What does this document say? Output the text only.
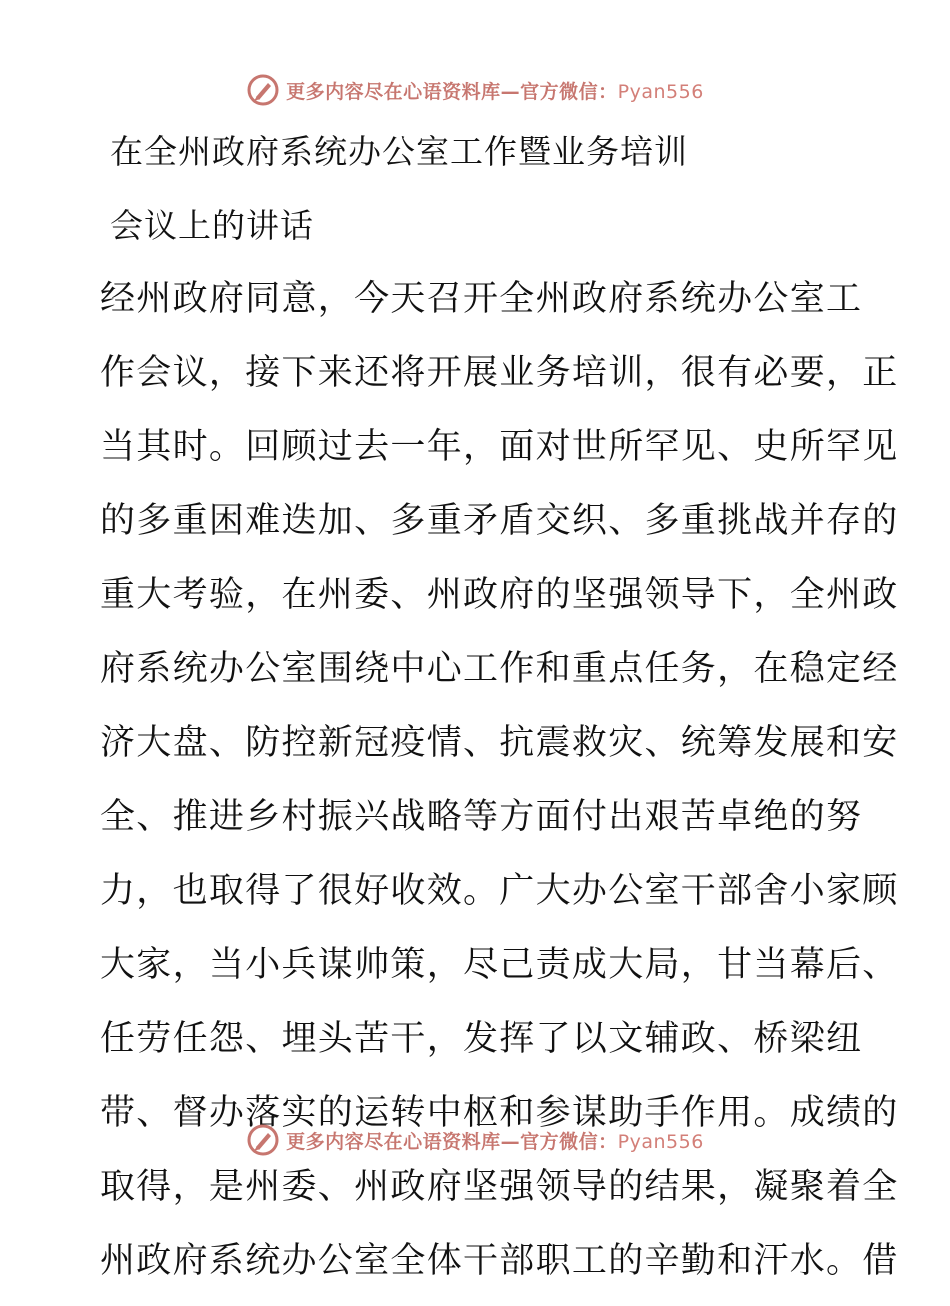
更多内容尽在心语资料库—官方微信：Pyan556
在全州政府系统办公室工作暨业务培训
会议上的讲话
经州政府同意，今天召开全州政府系统办公室工
作会议，接下来还将开展业务培训，很有必要，正
当其时。回顾过去一年，面对世所罕见、史所罕见
的多重困难迭加、多重矛盾交织、多重挑战并存的
重大考验，在州委、州政府的坚强领导下，全州政
府系统办公室围绕中心工作和重点任务，在稳定经
济大盘、防控新冠疫情、抗震救灾、统筹发展和安
全、推进乡村振兴战略等方面付出艰苦卓绝的努
力，也取得了很好收效。广大办公室干部舍小家顾
大家，当小兵谋帅策，尽己责成大局，甘当幕后、
任劳任怨、埋头苦干，发挥了以文辅政、桥梁纽
带、督办落实的运转中枢和参谋助手作用。成绩的
取得，是州委、州政府坚强领导的结果，凝聚着全
州政府系统办公室全体干部职工的辛勤和汗水。借
更多内容尽在心语资料库—官方微信：Pyan556
